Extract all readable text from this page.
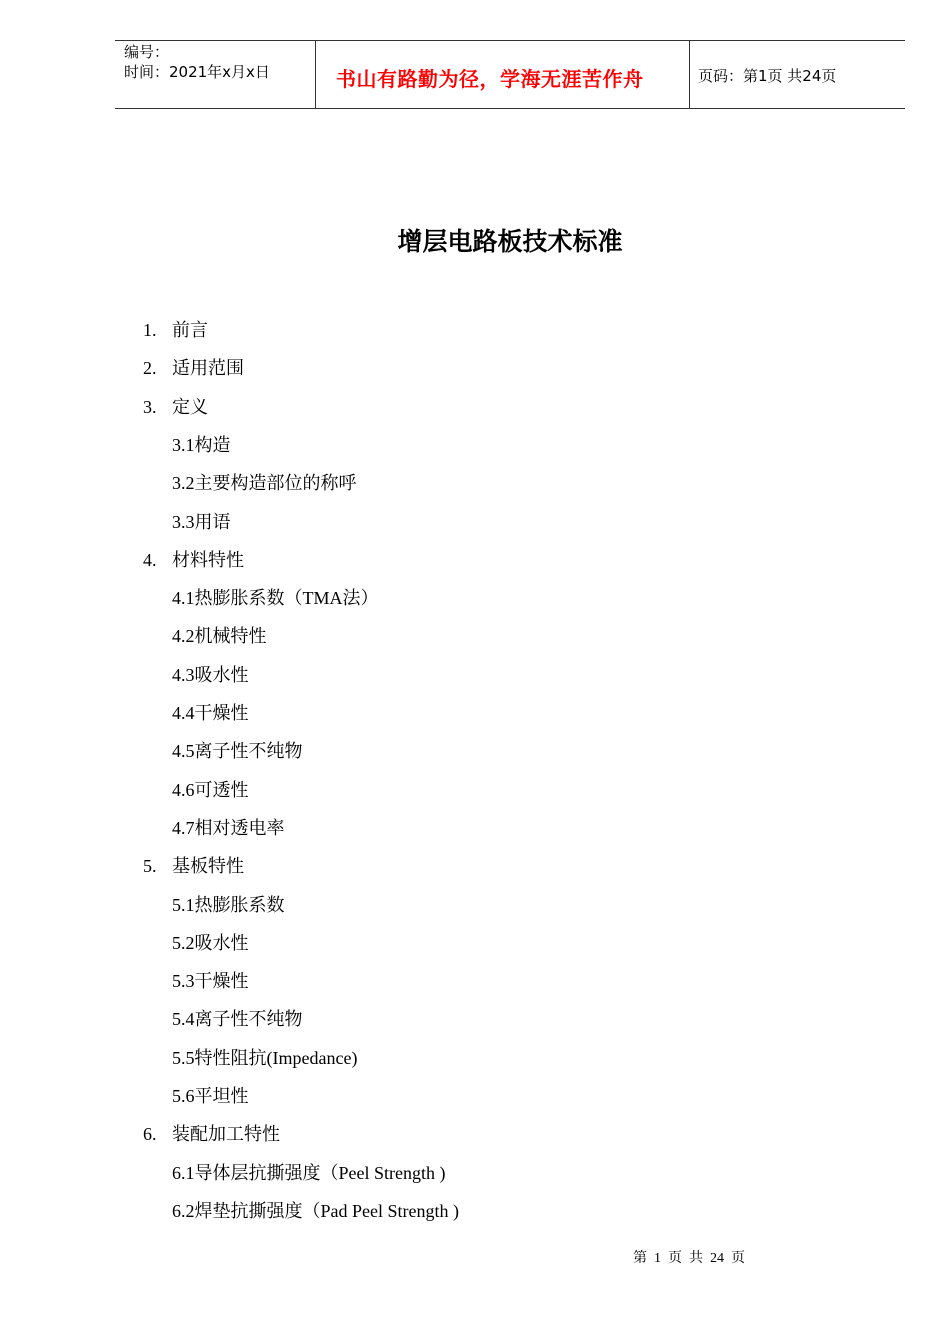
编号：
时间：2021年x月x日	书山有路勤为径，学海无涯苦作舟	页码：第1页 共24页
增层电路板技术标准
1. 前言
2. 适用范围
3. 定义
3.1构造
3.2主要构造部位的称呼
3.3用语
4. 材料特性
4.1热膨胀系数（TMA法）
4.2机械特性
4.3吸水性
4.4干燥性
4.5离子性不纯物
4.6可透性
4.7相对透电率
5. 基板特性
5.1热膨胀系数
5.2吸水性
5.3干燥性
5.4离子性不纯物
5.5特性阻抗(Impedance)
5.6平坦性
6. 装配加工特性
6.1导体层抗撕强度（Peel Strength )
6.2焊垫抗撕强度（Pad Peel Strength )
第 1 页 共 24 页
